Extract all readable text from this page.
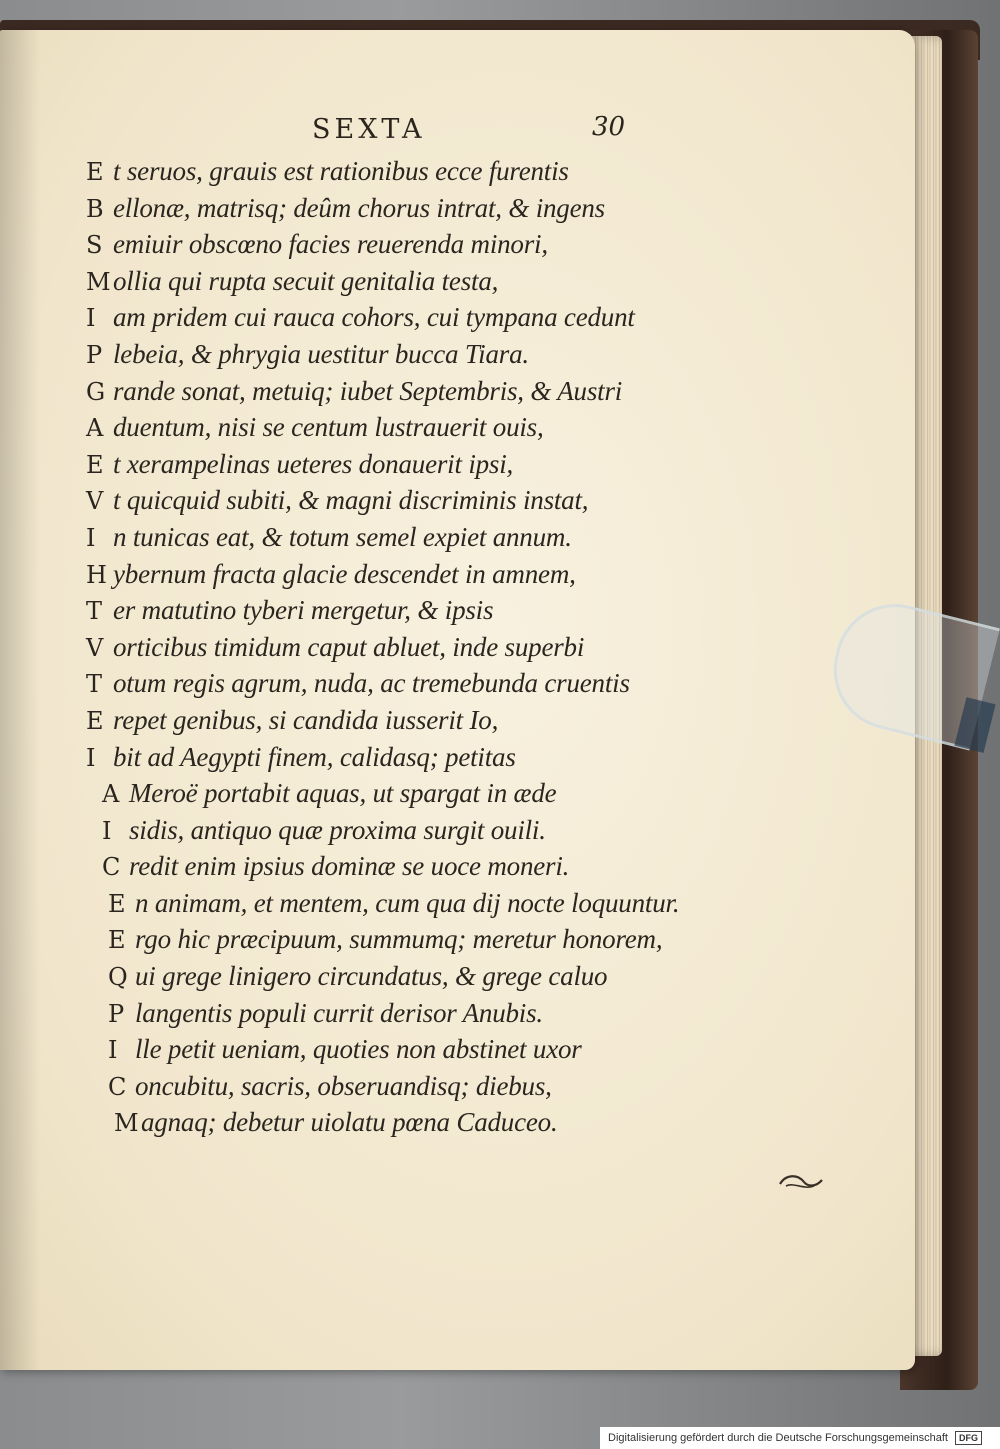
SEXTA	30
E t seruos, grauis est rationibus ecce furentis
B ellonæ, matrisq; deûm chorus intrat, & ingens
S emiuir obscœno facies reuerenda minori,
Mollia qui rupta secuit genitalia testa,
I am pridem cui rauca cohors, cui tympana cedunt
P lebeia, & phrygia uestitur bucca Tiara.
G rande sonat, metuiq; iubet Septembris, & Austri
A duentum, nisi se centum lustrauerit ouis,
E t xerampelinas ueteres donauerit ipsi,
V t quicquid subiti, & magni discriminis instat,
I n tunicas eat, & totum semel expiet annum.
H ybernum fracta glacie descendet in amnem,
T er matutino tyberi mergetur, & ipsis
V orticibus timidum caput abluet, inde superbi
T otum regis agrum, nuda, ac tremebunda cruentis
E repet genibus, si candida iusserit Io,
I bit ad Aegypti finem, calidasq; petitas
A Meroë portabit aquas, ut spargat in æde
I sidis, antiquo quæ proxima surgit ouili.
C redit enim ipsius dominæ se uoce moneri.
E n animam, et mentem, cum qua dij nocte loquuntur.
E rgo hic præcipuum, summumq; meretur honorem,
Q ui grege linigero circundatus, & grege caluo
P langentis populi currit derisor Anubis.
I lle petit ueniam, quoties non abstinet uxor
C oncubitu, sacris, obseruandisq; diebus,
Magnaq; debetur uiolatu pœna Caduceo.
Digitalisierung gefördert durch die Deutsche Forschungsgemeinschaft DFG
